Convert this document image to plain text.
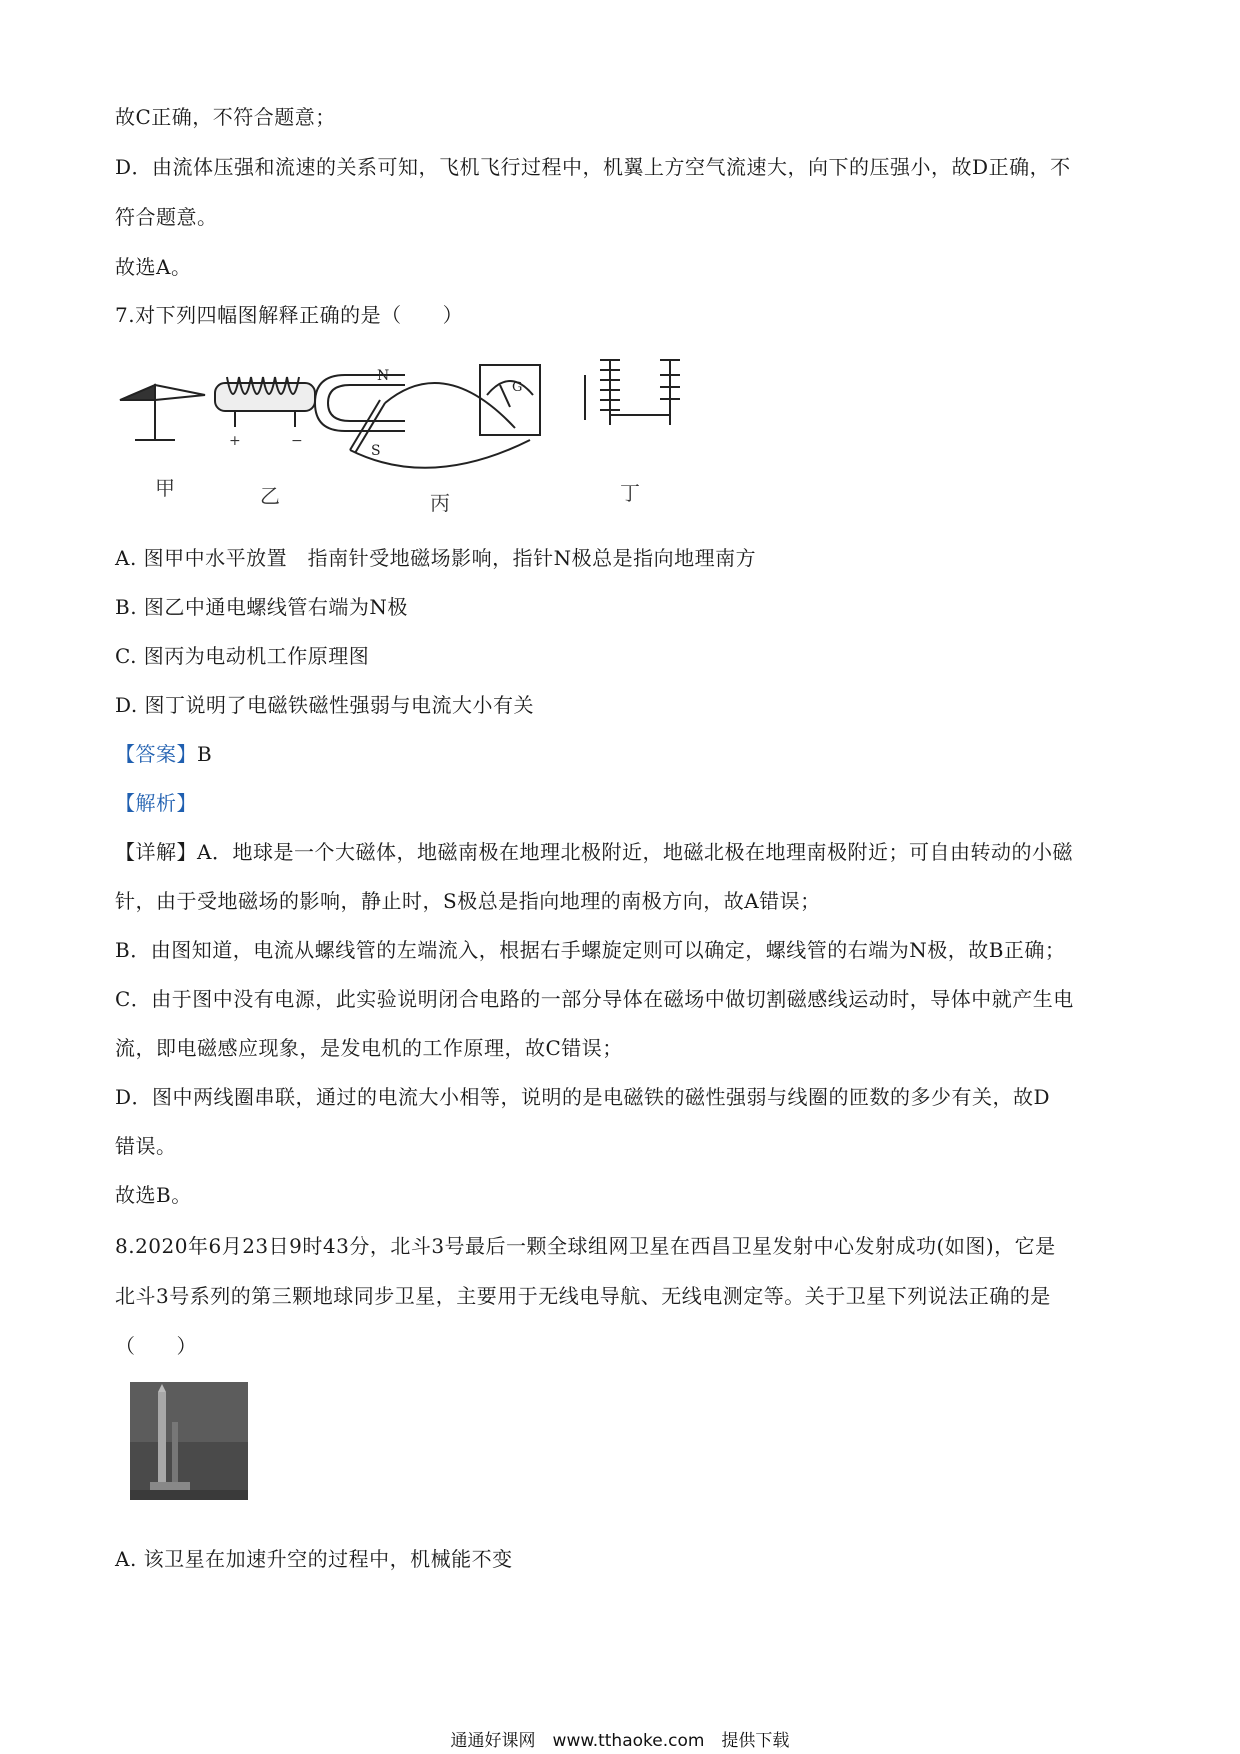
故C正确，不符合题意；
D．由流体压强和流速的关系可知，飞机飞行过程中，机翼上方空气流速大，向下的压强小，故D正确，不
符合题意。
故选A。
7.对下列四幅图解释正确的是（　　）
+	−
N
S
G
甲	乙	丙	丁
A. 图甲中水平放置　指南针受地磁场影响，指针N极总是指向地理南方
B. 图乙中通电螺线管右端为N极
C. 图丙为电动机工作原理图
D. 图丁说明了电磁铁磁性强弱与电流大小有关
【答案】B
【解析】
【详解】A．地球是一个大磁体，地磁南极在地理北极附近，地磁北极在地理南极附近；可自由转动的小磁
针，由于受地磁场的影响，静止时，S极总是指向地理的南极方向，故A错误；
B．由图知道，电流从螺线管的左端流入，根据右手螺旋定则可以确定，螺线管的右端为N极，故B正确；
C．由于图中没有电源，此实验说明闭合电路的一部分导体在磁场中做切割磁感线运动时，导体中就产生电
流，即电磁感应现象，是发电机的工作原理，故C错误；
D．图中两线圈串联，通过的电流大小相等，说明的是电磁铁的磁性强弱与线圈的匝数的多少有关，故D
错误。
故选B。
8.2020年6月23日9时43分，北斗3号最后一颗全球组网卫星在西昌卫星发射中心发射成功(如图)，它是
北斗3号系列的第三颗地球同步卫星，主要用于无线电导航、无线电测定等。关于卫星下列说法正确的是
（　　）
A. 该卫星在加速升空的过程中，机械能不变
通通好课网　www.tthaoke.com　提供下载
